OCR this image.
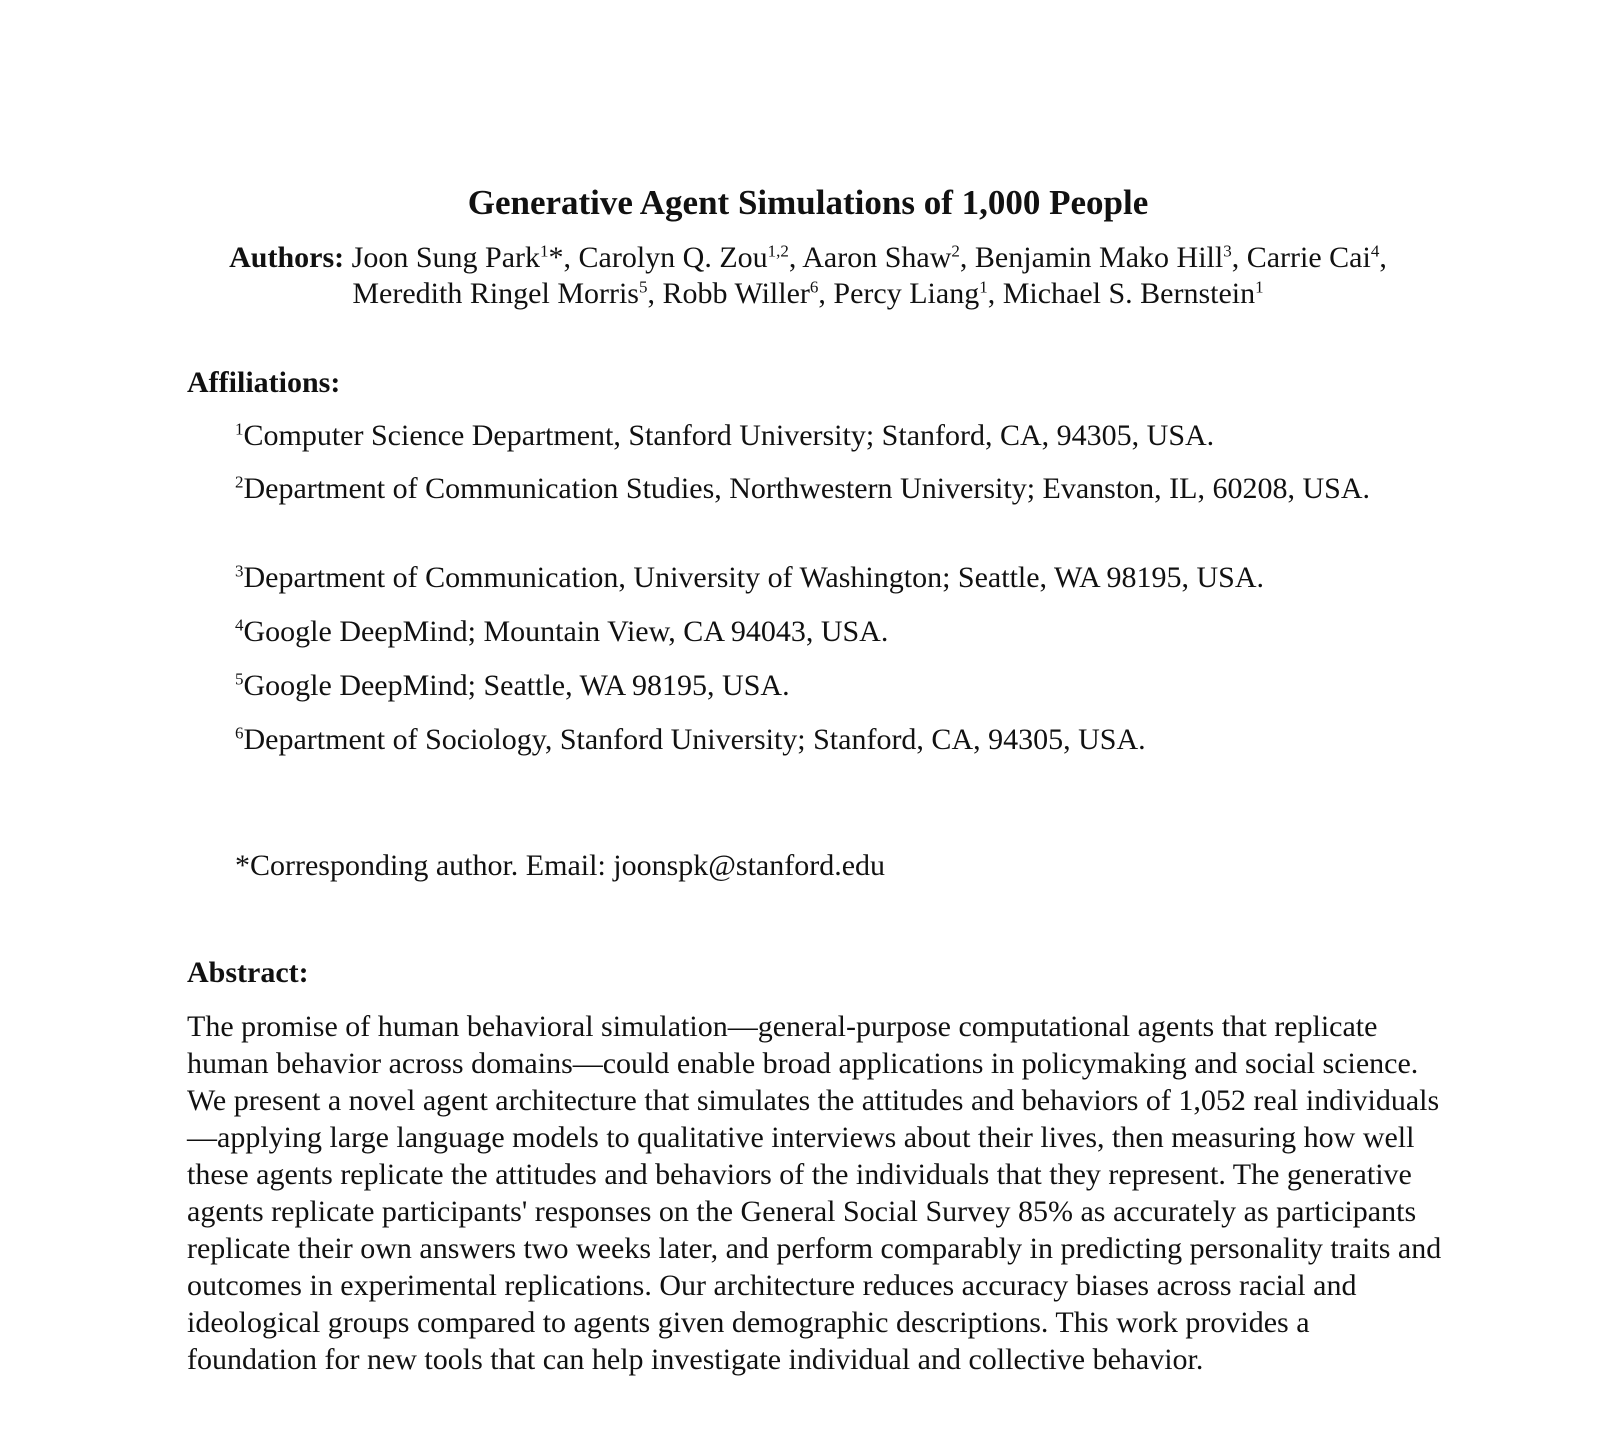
Generative Agent Simulations of 1,000 People

Authors: Joon Sung Park$^1$*, Carolyn Q. Zou$^{1,2}$, Aaron Shaw$^2$, Benjamin Mako Hill$^3$, Carrie Cai$^4$,
Meredith Ringel Morris$^5$, Robb Willer$^6$, Percy Liang$^1$, Michael S. Bernstein$^1$

Affiliations:

$^1$Computer Science Department, Stanford University; Stanford, CA, 94305, USA.

$^2$Department of Communication Studies, Northwestern University; Evanston, IL, 60208, USA.

$^3$Department of Communication, University of Washington; Seattle, WA 98195, USA.

$^4$Google DeepMind; Mountain View, CA 94043, USA.

$^5$Google DeepMind; Seattle, WA 98195, USA.

$^6$Department of Sociology, Stanford University; Stanford, CA, 94305, USA.

*Corresponding author. Email: joonspk@stanford.edu

Abstract:

The promise of human behavioral simulation—general-purpose computational agents that replicate human behavior across domains—could enable broad applications in policymaking and social science. We present a novel agent architecture that simulates the attitudes and behaviors of 1,052 real individuals—applying large language models to qualitative interviews about their lives, then measuring how well these agents replicate the attitudes and behaviors of the individuals that they represent. The generative agents replicate participants' responses on the General Social Survey 85% as accurately as participants replicate their own answers two weeks later, and perform comparably in predicting personality traits and outcomes in experimental replications. Our architecture reduces accuracy biases across racial and ideological groups compared to agents given demographic descriptions. This work provides a foundation for new tools that can help investigate individual and collective behavior.
